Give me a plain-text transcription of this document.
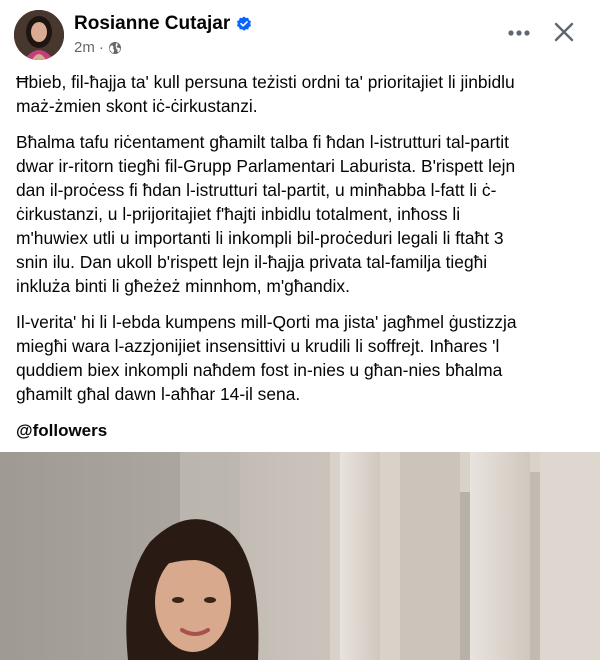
Rosianne Cutajar
2m ·

Ħbieb, fil-ħajja ta' kull persuna teżisti ordni ta' prioritajiet li jinbidlu
maż-żmien skont iċ-ċirkustanzi.

Bħalma tafu riċentament għamilt talba fi ħdan l-istrutturi tal-partit
dwar ir-ritorn tiegħi fil-Grupp Parlamentari Laburista. B'rispett lejn
dan il-proċess fi ħdan l-istrutturi tal-partit, u minħabba l-fatt li ċ-
ċirkustanzi, u l-prijoritajiet f'ħajti inbidlu totalment, inħoss li
m'huwiex utli u importanti li inkompli bil-proċeduri legali li ftaħt 3
snin ilu. Dan ukoll b'rispett lejn il-ħajja privata tal-familja tiegħi
inkluża binti li għeżeż minnhom, m'għandix.

Il-verita' hi li l-ebda kumpens mill-Qorti ma jista' jagħmel ġustizzja
miegħi wara l-azzjonijiet insensittivi u krudili li soffrejt. Inħares 'l
quddiem biex inkompli naħdem fost in-nies u għan-nies bħalma
għamilt għal dawn l-aħħar 14-il sena.

@followers
